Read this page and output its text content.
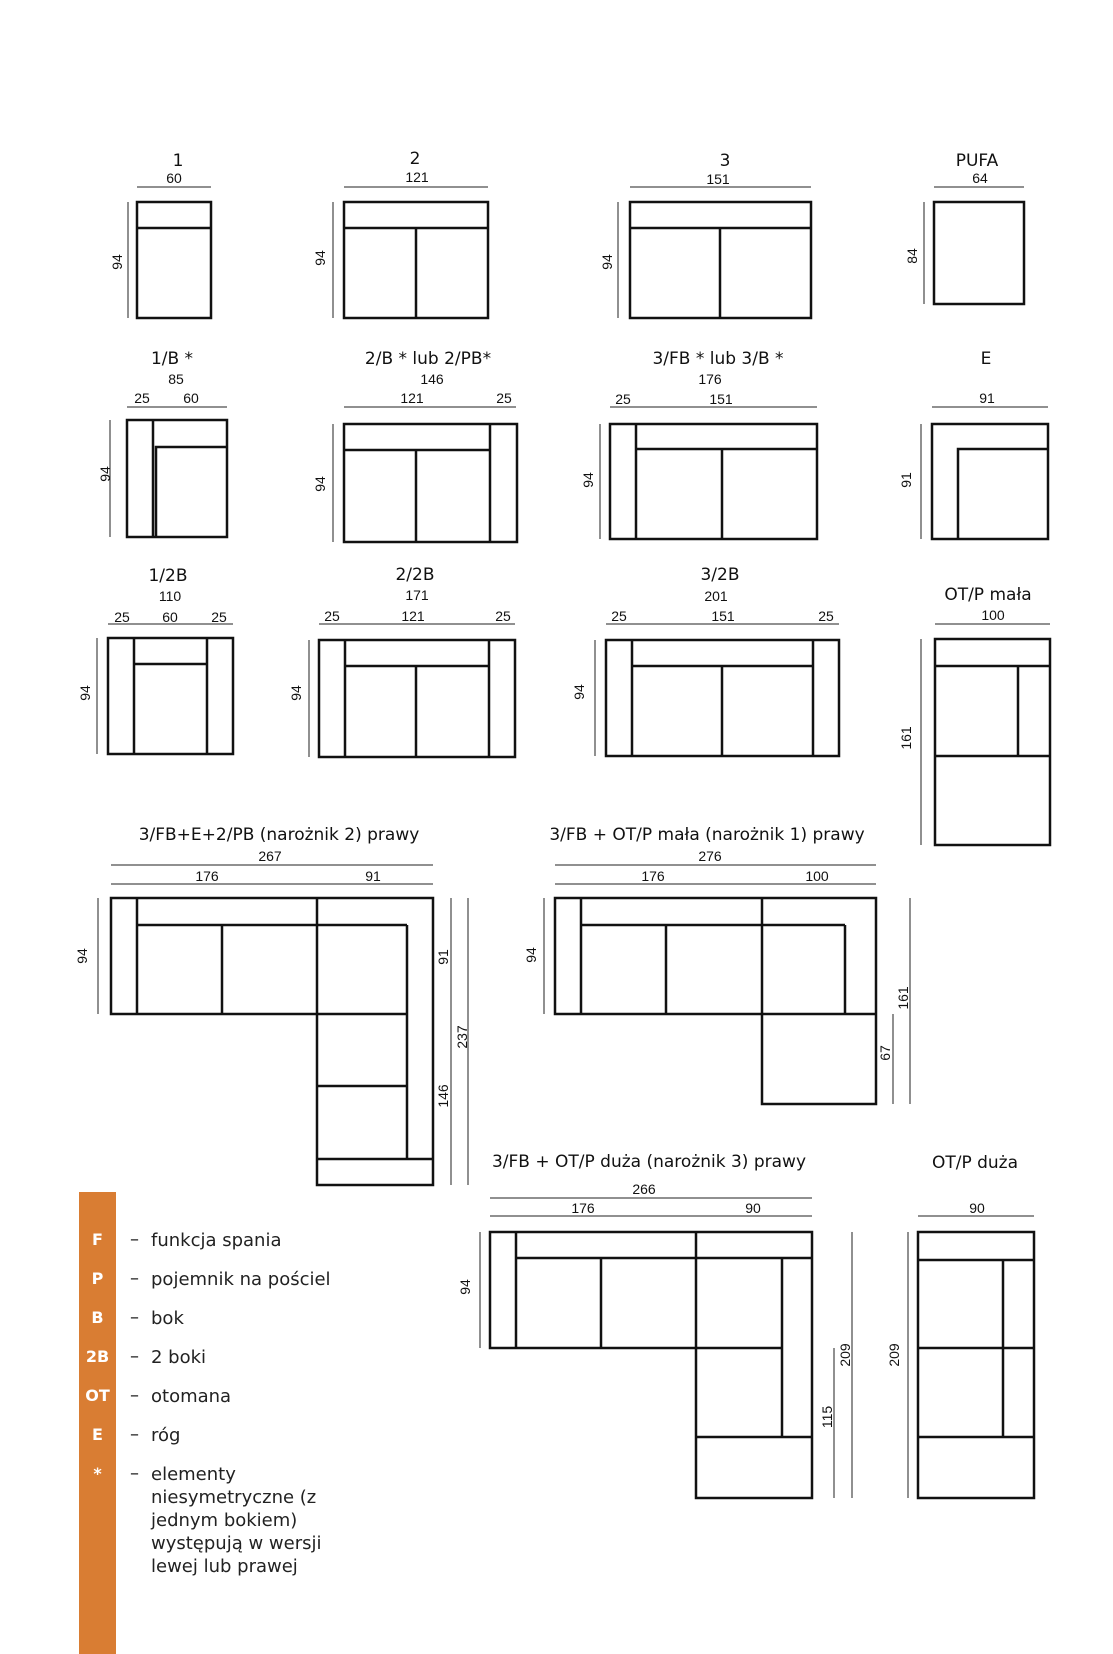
1
60
94
2
121
94
3
151
94
PUFA
64
84
1/B *
85
25 60
94
2/B * lub 2/PB*
146
121	25
94
3/FB * lub 3/B *
176
25	151
94
E
91
91
1/2B
110
25 60 25
94
2/2B
171
25	121	25
94
3/2B
201
25	151	25
94
OT/P mała
100
161
3/FB+E+2/PB (narożnik 2) prawy
267
176	91
94	91
146
237
3/FB + OT/P mała (narożnik 1) prawy
276
176	100
94
67
161
3/FB + OT/P duża (narożnik 3) prawy
266
176	90
94
115
209
OT/P duża
90
209
F	– funkcja spania
P	– pojemnik na pościel
B	– bok
2B	– 2 boki
OT	– otomana
E	– róg
*	– elementy niesymetryczne (z jednym bokiem) występują w wersji lewej lub prawej
